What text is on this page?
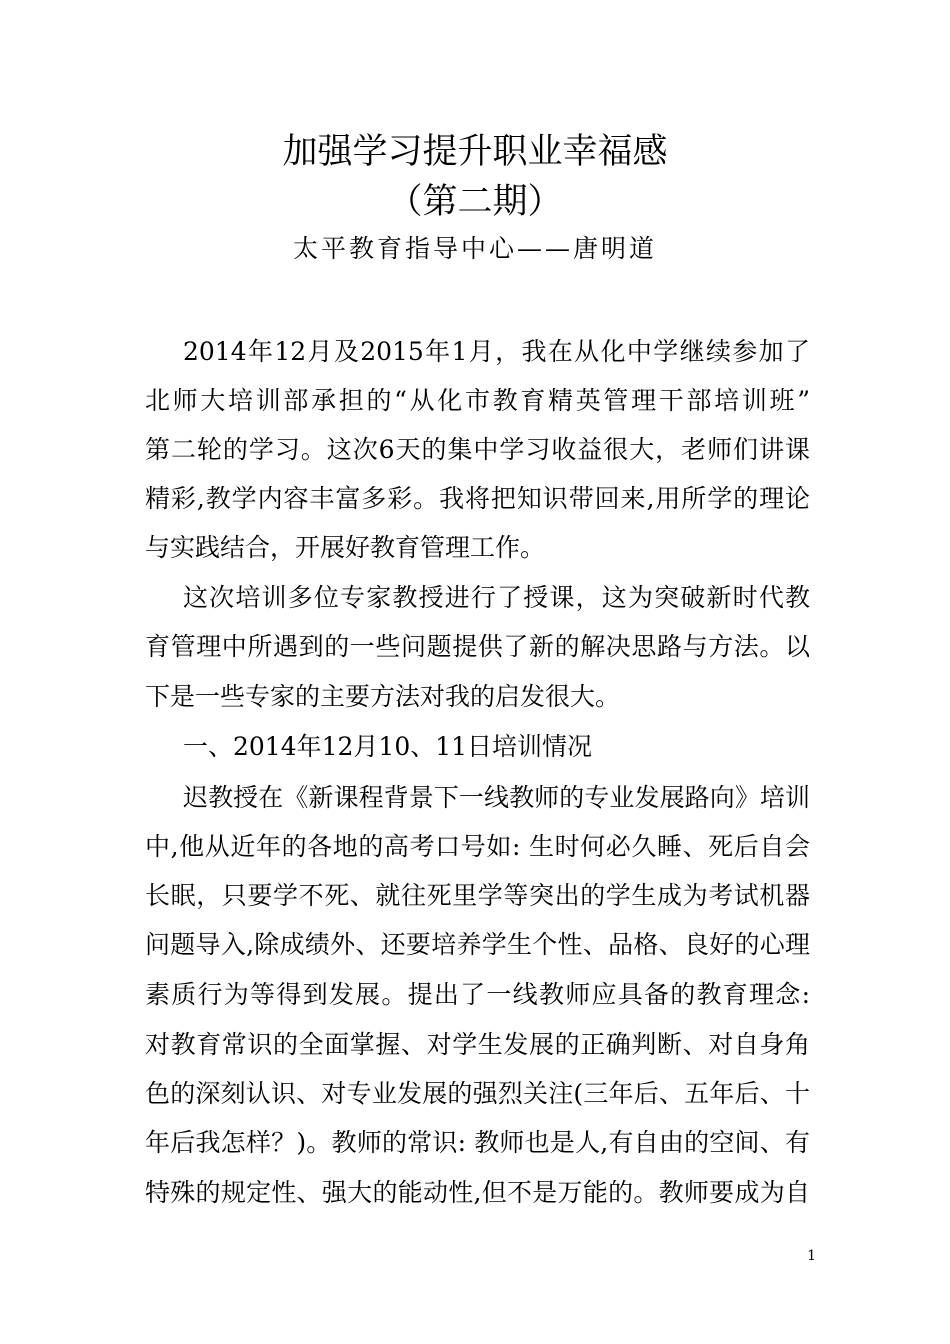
加强学习提升职业幸福感
（第二期）
太平教育指导中心——唐明道
2014年12月及2015年1月，我在从化中学继续参加了
北师大培训部承担的“从化市教育精英管理干部培训班”
第二轮的学习。这次6天的集中学习收益很大，老师们讲课
精彩,教学内容丰富多彩。我将把知识带回来,用所学的理论
与实践结合，开展好教育管理工作。
这次培训多位专家教授进行了授课，这为突破新时代教
育管理中所遇到的一些问题提供了新的解决思路与方法。以
下是一些专家的主要方法对我的启发很大。
一、2014年12月10、11日培训情况
迟教授在《新课程背景下一线教师的专业发展路向》培训
中,他从近年的各地的高考口号如: 生时何必久睡、死后自会
长眠，只要学不死、就往死里学等突出的学生成为考试机器
问题导入,除成绩外、还要培养学生个性、品格、良好的心理
素质行为等得到发展。提出了一线教师应具备的教育理念:
对教育常识的全面掌握、对学生发展的正确判断、对自身角
色的深刻认识、对专业发展的强烈关注(三年后、五年后、十
年后我怎样？)。教师的常识: 教师也是人,有自由的空间、有
特殊的规定性、强大的能动性,但不是万能的。教师要成为自
1
